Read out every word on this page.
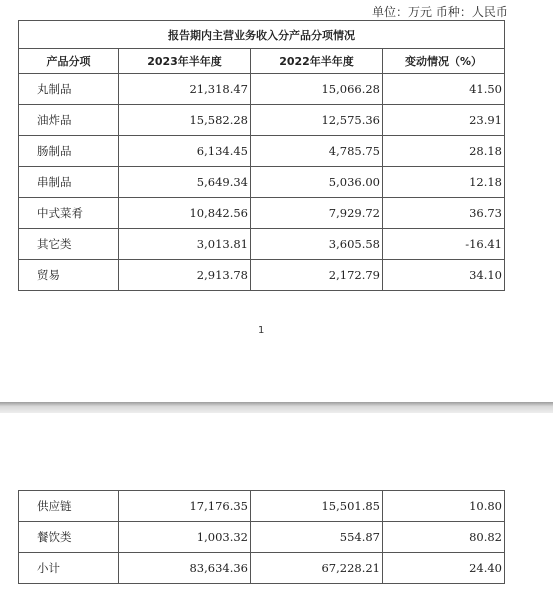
单位：万元 币种：人民币
报告期内主营业务收入分产品分项情况			
产品分项	2023年半年度	2022年半年度	变动情况（%）
丸制品	21,318.47	15,066.28	41.50
油炸品	15,582.28	12,575.36	23.91
肠制品	6,134.45	4,785.75	28.18
串制品	5,649.34	5,036.00	12.18
中式菜肴	10,842.56	7,929.72	36.73
其它类	3,013.81	3,605.58	-16.41
贸易	2,913.78	2,172.79	34.10
1
供应链	17,176.35	15,501.85	10.80
餐饮类	1,003.32	554.87	80.82
小计	83,634.36	67,228.21	24.40
